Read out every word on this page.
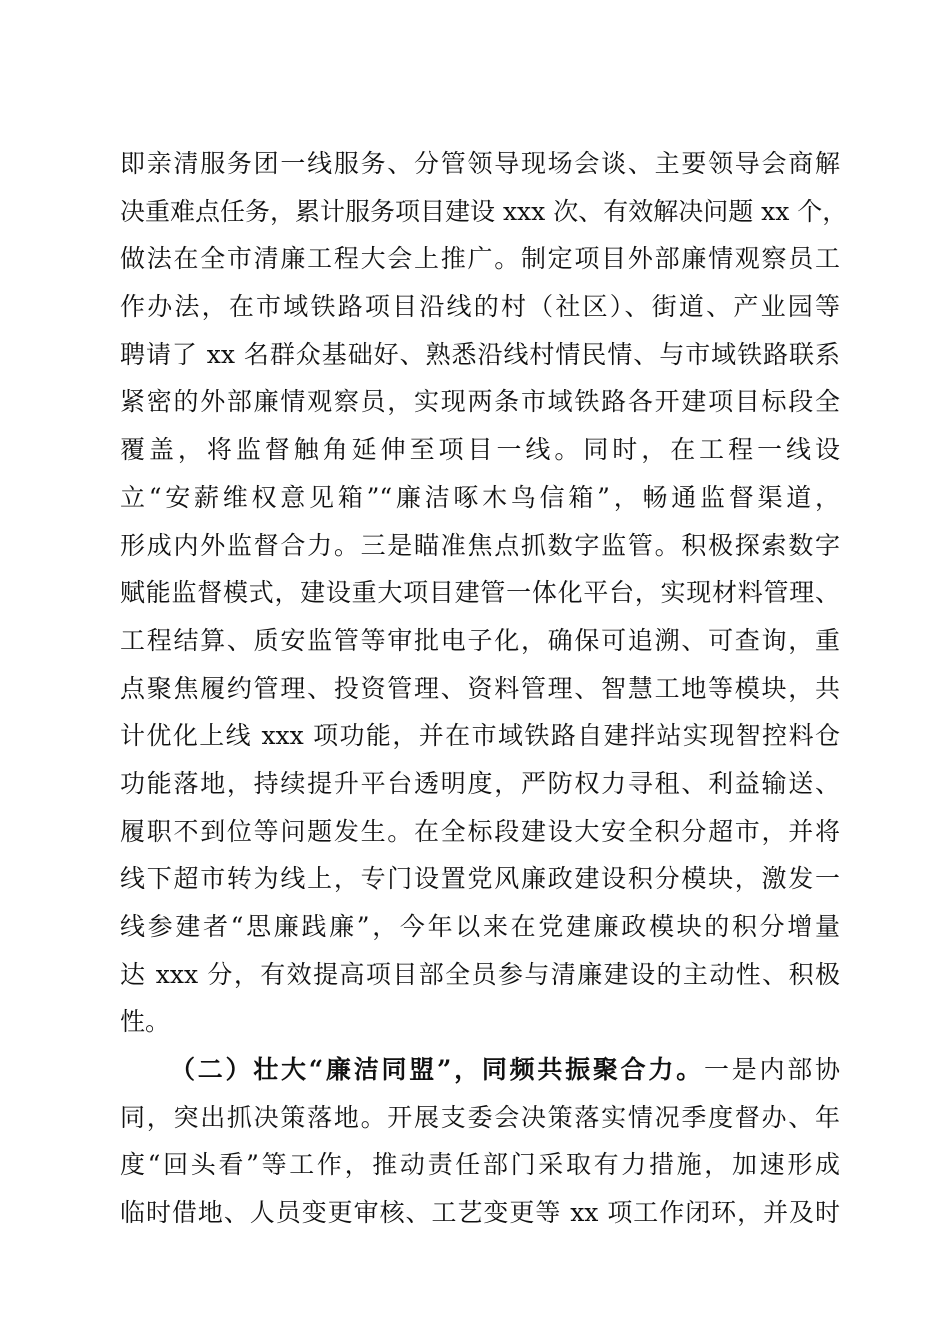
即亲清服务团一线服务、分管领导现场会谈、主要领导会商解
决重难点任务，累计服务项目建设 xxx 次、有效解决问题 xx 个，
做法在全市清廉工程大会上推广。制定项目外部廉情观察员工
作办法，在市域铁路项目沿线的村（社区）、街道、产业园等
聘请了 xx 名群众基础好、熟悉沿线村情民情、与市域铁路联系
紧密的外部廉情观察员，实现两条市域铁路各开建项目标段全
覆盖，将监督触角延伸至项目一线。同时，在工程一线设
立“安薪维权意见箱”“廉洁啄木鸟信箱”，畅通监督渠道，
形成内外监督合力。三是瞄准焦点抓数字监管。积极探索数字
赋能监督模式，建设重大项目建管一体化平台，实现材料管理、
工程结算、质安监管等审批电子化，确保可追溯、可查询，重
点聚焦履约管理、投资管理、资料管理、智慧工地等模块，共
计优化上线 xxx 项功能，并在市域铁路自建拌站实现智控料仓
功能落地，持续提升平台透明度，严防权力寻租、利益输送、
履职不到位等问题发生。在全标段建设大安全积分超市，并将
线下超市转为线上，专门设置党风廉政建设积分模块，激发一
线参建者“思廉践廉”，今年以来在党建廉政模块的积分增量
达 xxx 分，有效提高项目部全员参与清廉建设的主动性、积极
性。
（二）壮大“廉洁同盟”，同频共振聚合力。一是内部协
同，突出抓决策落地。开展支委会决策落实情况季度督办、年
度“回头看”等工作，推动责任部门采取有力措施，加速形成
临时借地、人员变更审核、工艺变更等 xx 项工作闭环，并及时
